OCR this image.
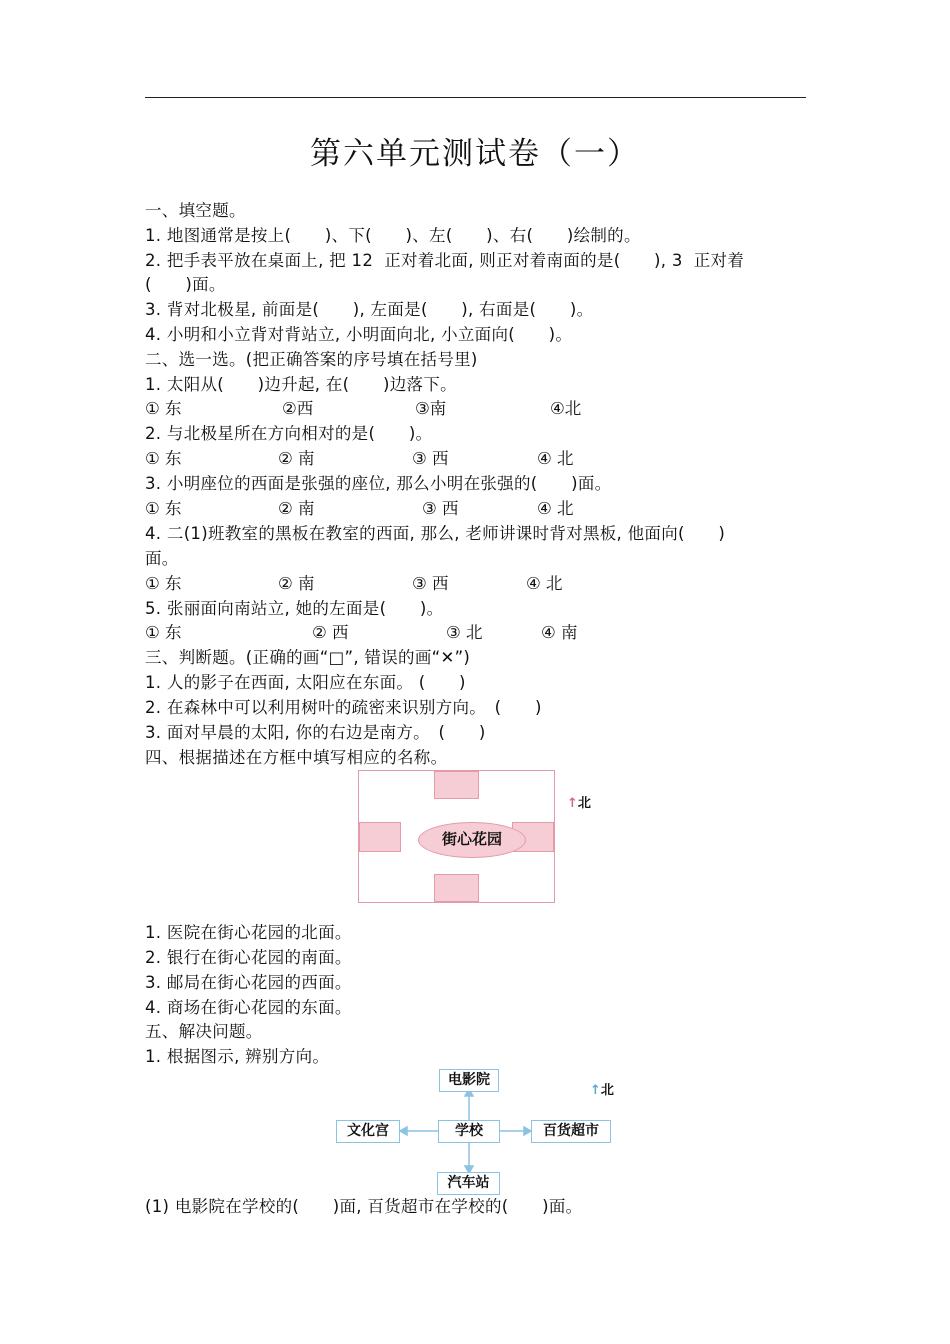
第六单元测试卷（一）
一、填空题。
1. 地图通常是按上(　　)、下(　　)、左(　　)、右(　　)绘制的。
2. 把手表平放在桌面上, 把 12  正对着北面, 则正对着南面的是(　　), 3  正对着
(　　)面。
3. 背对北极星, 前面是(　　), 左面是(　　), 右面是(　　)。
4. 小明和小立背对背站立, 小明面向北, 小立面向(　　)。
二、选一选。(把正确答案的序号填在括号里)
1. 太阳从(　　)边升起, 在(　　)边落下。
① 东	②西	③南	④北
2. 与北极星所在方向相对的是(　　)。
① 东	② 南	③ 西	④ 北
3. 小明座位的西面是张强的座位, 那么小明在张强的(　　)面。
① 东	② 南	③ 西	④ 北
4. 二(1)班教室的黑板在教室的西面, 那么, 老师讲课时背对黑板, 他面向(　　)
面。
① 东	② 南	③ 西	④ 北
5. 张丽面向南站立, 她的左面是(　　)。
① 东	② 西	③ 北	④ 南
三、判断题。(正确的画“□”, 错误的画“✕”)
1. 人的影子在西面, 太阳应在东面。 (　　)
2. 在森林中可以利用树叶的疏密来识别方向。　(　　)
3. 面对早晨的太阳, 你的右边是南方。　(　　)
四、根据描述在方框中填写相应的名称。
街心花园
↑北
1. 医院在街心花园的北面。
2. 银行在街心花园的南面。
3. 邮局在街心花园的西面。
4. 商场在街心花园的东面。
五、解决问题。
1. 根据图示, 辨别方向。
电影院
学校
文化宫	百货超市
汽车站
↑北
(1) 电影院在学校的(　　)面, 百货超市在学校的(　　)面。
